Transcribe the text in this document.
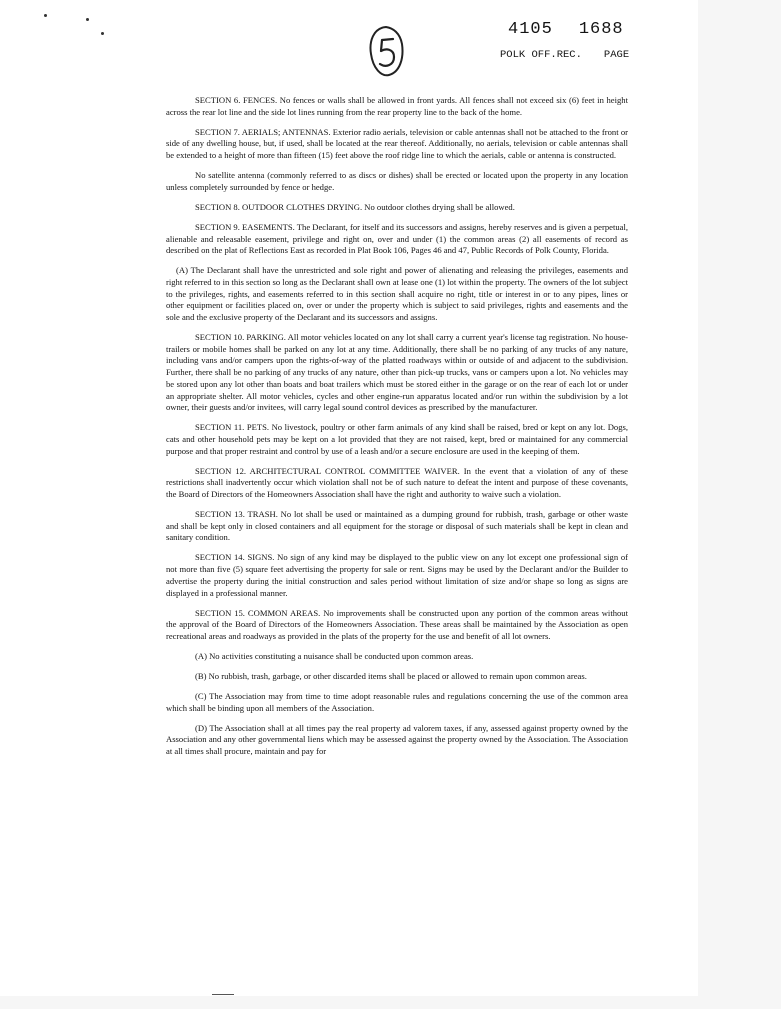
4105 1688
POLK OFF.REC. PAGE

SECTION 6. FENCES. No fences or walls shall be allowed in front yards. All fences shall not exceed six (6) feet in height across the rear lot line and the side lot lines running from the rear property line to the back of the home.

SECTION 7. AERIALS; ANTENNAS. Exterior radio aerials, television or cable antennas shall not be attached to the front or side of any dwelling house, but, if used, shall be located at the rear thereof. Additionally, no aerials, television or cable antennas shall be extended to a height of more than fifteen (15) feet above the roof ridge line to which the aerials, cable or antenna is constructed.

No satellite antenna (commonly referred to as discs or dishes) shall be erected or located upon the property in any location unless completely surrounded by fence or hedge.

SECTION 8. OUTDOOR CLOTHES DRYING. No outdoor clothes drying shall be allowed.

SECTION 9. EASEMENTS. The Declarant, for itself and its successors and assigns, hereby reserves and is given a perpetual, alienable and releasable easement, privilege and right on, over and under (1) the common areas (2) all easements of record as described on the plat of Reflections East as recorded in Plat Book 106, Pages 46 and 47, Public Records of Polk County, Florida.

(A) The Declarant shall have the unrestricted and sole right and power of alienating and releasing the privileges, easements and right referred to in this section so long as the Declarant shall own at lease one (1) lot within the property. The owners of the lot subject to the privileges, rights, and easements referred to in this section shall acquire no right, title or interest in or to any pipes, lines or other equipment or facilities placed on, over or under the property which is subject to said privileges, rights and easements and the sole and the exclusive property of the Declarant and its successors and assigns.

SECTION 10. PARKING. All motor vehicles located on any lot shall carry a current year's license tag registration. No house-trailers or mobile homes shall be parked on any lot at any time. Additionally, there shall be no parking of any trucks of any nature, including vans and/or campers upon the rights-of-way of the platted roadways within or outside of and adjacent to the subdivision. Further, there shall be no parking of any trucks of any nature, other than pick-up trucks, vans or campers upon a lot. No vehicles may be stored upon any lot other than boats and boat trailers which must be stored either in the garage or on the rear of each lot or under an appropriate shelter. All motor vehicles, cycles and other engine-run apparatus located and/or run within the subdivision by a lot owner, their guests and/or invitees, will carry legal sound control devices as prescribed by the manufacturer.

SECTION 11. PETS. No livestock, poultry or other farm animals of any kind shall be raised, bred or kept on any lot. Dogs, cats and other household pets may be kept on a lot provided that they are not raised, kept, bred or maintained for any commercial purpose and that proper restraint and control by use of a leash and/or a secure enclosure are used in the keeping of them.

SECTION 12. ARCHITECTURAL CONTROL COMMITTEE WAIVER. In the event that a violation of any of these restrictions shall inadvertently occur which violation shall not be of such nature to defeat the intent and purpose of these covenants, the Board of Directors of the Homeowners Association shall have the right and authority to waive such a violation.

SECTION 13. TRASH. No lot shall be used or maintained as a dumping ground for rubbish, trash, garbage or other waste and shall be kept only in closed containers and all equipment for the storage or disposal of such materials shall be kept in clean and sanitary condition.

SECTION 14. SIGNS. No sign of any kind may be displayed to the public view on any lot except one professional sign of not more than five (5) square feet advertising the property for sale or rent. Signs may be used by the Declarant and/or the Builder to advertise the property during the initial construction and sales period without limitation of size and/or shape so long as signs are displayed in a professional manner.

SECTION 15. COMMON AREAS. No improvements shall be constructed upon any portion of the common areas without the approval of the Board of Directors of the Homeowners Association. These areas shall be maintained by the Association as open recreational areas and roadways as provided in the plats of the property for the use and benefit of all lot owners.

(A) No activities constituting a nuisance shall be conducted upon common areas.

(B) No rubbish, trash, garbage, or other discarded items shall be placed or allowed to remain upon common areas.

(C) The Association may from time to time adopt reasonable rules and regulations concerning the use of the common area which shall be binding upon all members of the Association.

(D) The Association shall at all times pay the real property ad valorem taxes, if any, assessed against property owned by the Association and any other governmental liens which may be assessed against the property owned by the Association. The Association at all times shall procure, maintain and pay for
